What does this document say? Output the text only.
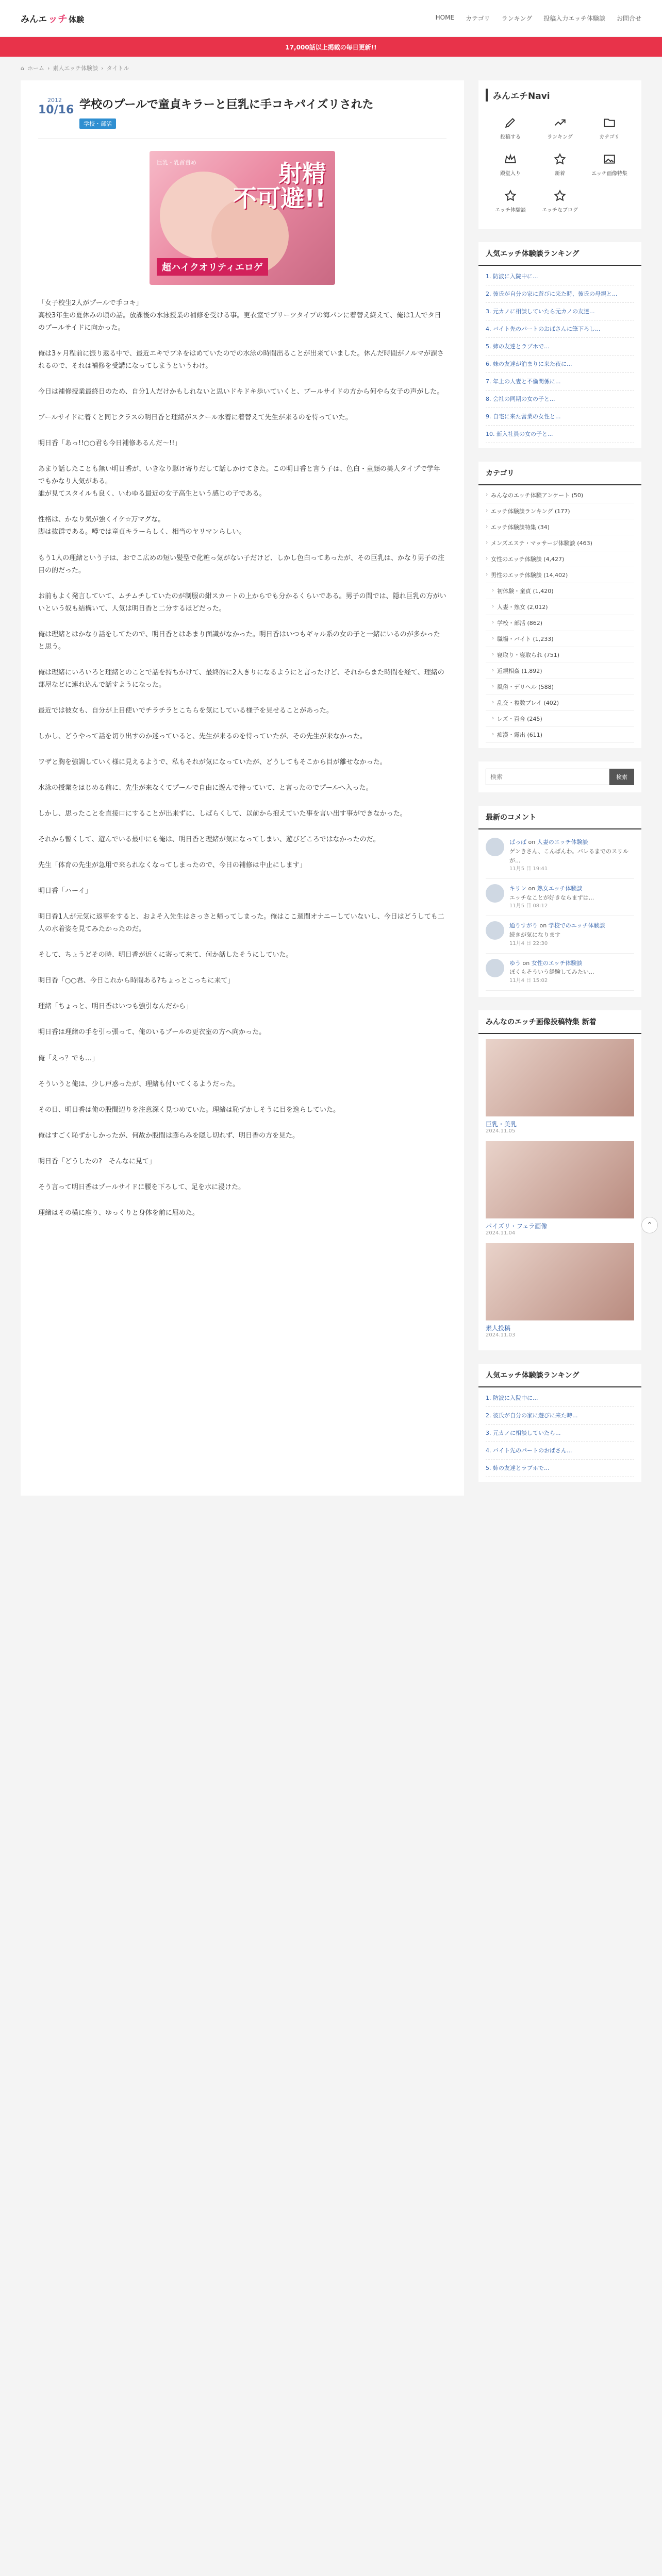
みんエ ッチ 体験	HOME カテゴリ ランキング 投稿入力エッチ体験談 お問合せ
17,000話以上掲載の毎日更新!!
⌂ ホーム › 素人エッチ体験談 › タイトル
2012
10/16 学校のプールで童貞キラーと巨乳に手コキパイズリされた
学校・部活
巨乳・乳首責め	射精
不可避!!
超ハイクオリティエロゲ

「女子校生2人がプールで手コキ」
高校3年生の夏休みの頃の話。放課後の水泳授業の補修を受ける事。更衣室でプリーツタイプの海パンに着替え終えて、俺は1人でタ日のプールサイドに向かった。

俺は3ヶ月程前に振り返る中で、最近エキでプネをはめていたのでの水泳の時間出ることが出来ていました。休んだ時間がノルマが課されるので、それは補修を受講になってしまうというわけ。

今日は補修授業最終日のため、自分1人だけかもしれないと思いドキドキ歩いていくと、プールサイドの方から何やら女子の声がした。

プールサイドに着くと同じクラスの明日香と理緒がスクール水着に着替えて先生が来るのを待っていた。

明日香「あっ!!○○君も今日補修あるんだ～!!」

あまり話したことも無い明日香が、いきなり駆け寄りだして話しかけてきた。この明日香と言う子は、色白・童顔の美人タイプで学年でもかなり人気がある。
誰が見てスタイルも良く、いわゆる最近の女子高生という感じの子である。

性格は、かなり気が強くイケ☆万マグな。
脚は抜群である。噂では童貞キラーらしく、相当のヤリマンらしい。

もう1人の理緒という子は、おでこ広めの短い髪型で化粧っ気がない子だけど、しかし色白ってあったが、その巨乳は、かなり男子の注目の的だった。

お前もよく発言していて、ムチムチしていたのが制服の紺スカートの上からでも分かるくらいである。男子の間では、隠れ巨乳の方がいいという奴も結構いて、人気は明日香と二分するほどだった。

俺は理緒とはかなり話をしてたので、明日香とはあまり面識がなかった。明日香はいつもギャル系の女の子と一緒にいるのが多かったと思う。

俺は理緒にいろいろと理緒とのことで話を持ちかけて、最終的に2人きりになるようにと言ったけど、それからまた時間を経て、理緒の部屋などに連れ込んで話すようになった。

最近では彼女も、自分が上目使いでチラチラとこちらを気にしている様子を見せることがあった。

しかし、どうやって話を切り出すのか迷っていると、先生が来るのを待っていたが、その先生が来なかった。

ワザと胸を強調していく様に見えるようで、私もそれが気になっていたが、どうしてもそこから目が離せなかった。

水泳の授業をはじめる前に、先生が来なくてプールで自由に遊んで待っていて、と言ったのでプールへ入った。

しかし、思ったことを直接口にすることが出来ずに、しばらくして、以前から抱えていた事を言い出す事ができなかった。

それから暫くして、遊んでいる最中にも俺は、明日香と理緒が気になってしまい、遊びどころではなかったのだ。

先生「体育の先生が急用で来られなくなってしまったので、今日の補修は中止にします」

明日香「ハーイ」

明日香1人が元気に返事をすると、およそ入先生はさっさと帰ってしまった。俺はここ週間オナニーしていないし、今日はどうしても二人の水着姿を見てみたかったのだ。

そして、ちょうどその時、明日香が近くに寄って来て、何か話したそうにしていた。

明日香「○○君、今日これから時間ある?ちょっとこっちに来て」

理緒「ちょっと、明日香はいつも強引なんだから」

明日香は理緒の手を引っ張って、俺のいるプールの更衣室の方へ向かった。

俺「えっ？でも…」

そういうと俺は、少し戸惑ったが、理緒も付いてくるようだった。

その日、明日香は俺の股間辺りを注意深く見つめていた。理緒は恥ずかしそうに目を逸らしていた。

俺はすごく恥ずかしかったが、何故か股間は膨らみを隠し切れず、明日香の方を見た。

明日香「どうしたの?　そんなに見て」

そう言って明日香はプールサイドに腰を下ろして、足を水に浸けた。

理緒はその横に座り、ゆっくりと身体を前に屈めた。

みんエチNavi
投稿する	ランキング	カテゴリ
殿堂入り	新着	エッチ画像特集
エッチ体験談	エッチなブログ
人気エッチ体験談ランキング
1. 防波に入院中に...
2. 彼氏が自分の家に遊びに来た時、彼氏の母親と...
3. 元カノに相談していたら元カノの友達...
4. バイト先のパートのおばさんに筆下ろし...
5. 姉の友達とラブホで...
6. 妹の友達が泊まりに来た夜に...
7. 年上の人妻と不倫関係に...
8. 会社の同期の女の子と...
9. 自宅に来た営業の女性と...
10. 新入社員の女の子と...
カテゴリ
› みんなのエッチ体験アンケート (50)
› エッチ体験談ランキング (177)
› エッチ体験談特集 (34)
› メンズエステ・マッサージ体験談 (463)
› 女性のエッチ体験談 (4,427)
› 男性のエッチ体験談 (14,402)
› 初体験・童貞 (1,420)
› 人妻・熟女 (2,012)
› 学校・部活 (862)
› 職場・バイト (1,233)
› 寝取り・寝取られ (751)
› 近親相姦 (1,892)
› 風俗・デリヘル (588)
› 乱交・複数プレイ (402)
› レズ・百合 (245)
› 痴漢・露出 (611)
検索
検索
最新のコメント
ぱっぱ on 人妻のエッチ体験談
ゲンきさん、こんばんわ。バレるまでのスリルが...
11月5 日 19:41
キリン on 熟女エッチ体験談
エッチなことが好きならまずは...
11月5 日 08:12
通りすがり on 学校でのエッチ体験談
続きが気になります
11月4 日 22:30
ゆう on 女性のエッチ体験談
ぼくもそういう経験してみたい...
11月4 日 15:02
みんなのエッチ画像投稿特集 新着
巨乳・美乳
2024.11.05
パイズリ・フェラ画像
2024.11.04
素人投稿
2024.11.03
人気エッチ体験談ランキング
1. 防波に入院中に...
2. 彼氏が自分の家に遊びに来た時...
3. 元カノに相談していたら...
4. バイト先のパートのおばさん...
5. 姉の友達とラブホで...
⌃
